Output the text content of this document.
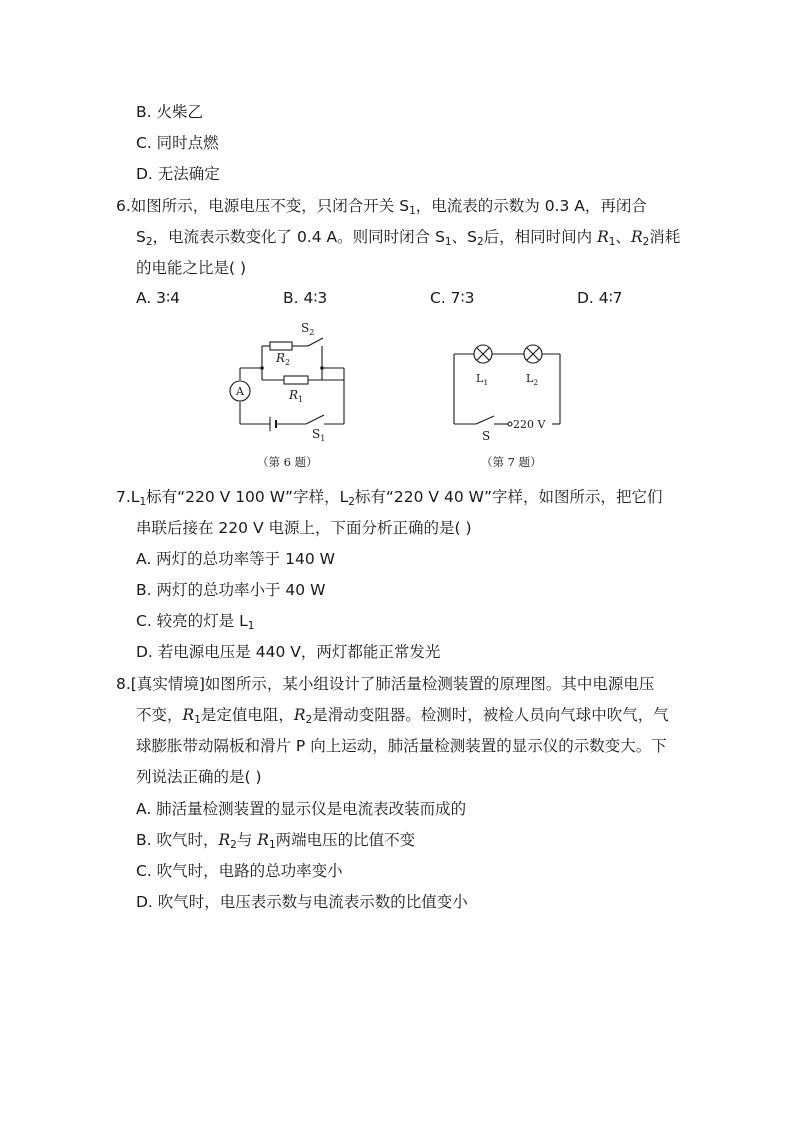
B. 火柴乙
C. 同时点燃
D. 无法确定
6.如图所示，电源电压不变，只闭合开关 $S_1$，电流表的示数为 0.3 A，再闭合
$S_2$，电流表示数变化了 0.4 A。则同时闭合 $S_1$、$S_2$后，相同时间内 $R_1$、$R_2$消耗
的电能之比是( )
A. 3∶4	B. 4∶3	C. 7∶3	D. 4∶7
$S_2$
$R_2$
$R_1$
A
$S_1$
（第 6 题）
$L_1$	$L_2$
S
220 V
（第 7 题）
$7.L_1$标有“220 V 100 W”字样，$L_2$标有“220 V 40 W”字样，如图所示，把它们
串联后接在 220 V 电源上，下面分析正确的是( )
A. 两灯的总功率等于 140 W
B. 两灯的总功率小于 40 W
C. 较亮的灯是 $L_1$
D. 若电源电压是 440 V，两灯都能正常发光
8.[真实情境]如图所示，某小组设计了肺活量检测装置的原理图。其中电源电压
不变，$R_1$是定值电阻，$R_2$是滑动变阻器。检测时，被检人员向气球中吹气，气
球膨胀带动隔板和滑片 P 向上运动，肺活量检测装置的显示仪的示数变大。下
列说法正确的是( )
A. 肺活量检测装置的显示仪是电流表改装而成的
B. 吹气时，$R_2$与 $R_1$两端电压的比值不变
C. 吹气时，电路的总功率变小
D. 吹气时，电压表示数与电流表示数的比值变小
